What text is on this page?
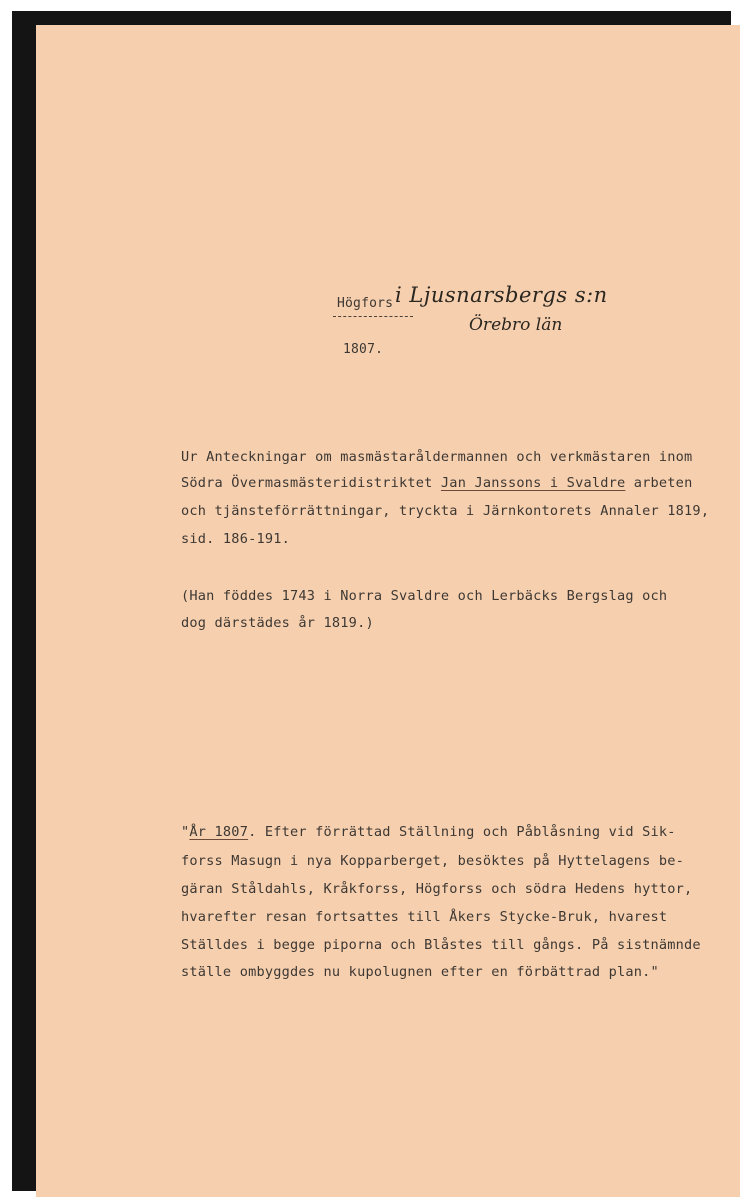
Högfors i Ljusnarsbergs s:n
Örebro län
1807.
Ur Anteckningar om masmästaråldermannen och verkmästaren inom
Södra Övermasmästeridistriktet Jan Janssons i Svaldre arbeten
och tjänsteförrättningar, tryckta i Järnkontorets Annaler 1819,
sid. 186-191.
(Han föddes 1743 i Norra Svaldre och Lerbäcks Bergslag och
dog därstädes år 1819.)
"År 1807. Efter förrättad Ställning och Påblåsning vid Sik-
forss Masugn i nya Kopparberget, besöktes på Hyttelagens be-
gäran Ståldahls, Kråkforss, Högforss och södra Hedens hyttor,
hvarefter resan fortsattes till Åkers Stycke-Bruk, hvarest
Ställdes i begge piporna och Blåstes till gångs. På sistnämnde
ställe ombyggdes nu kupolugnen efter en förbättrad plan."
